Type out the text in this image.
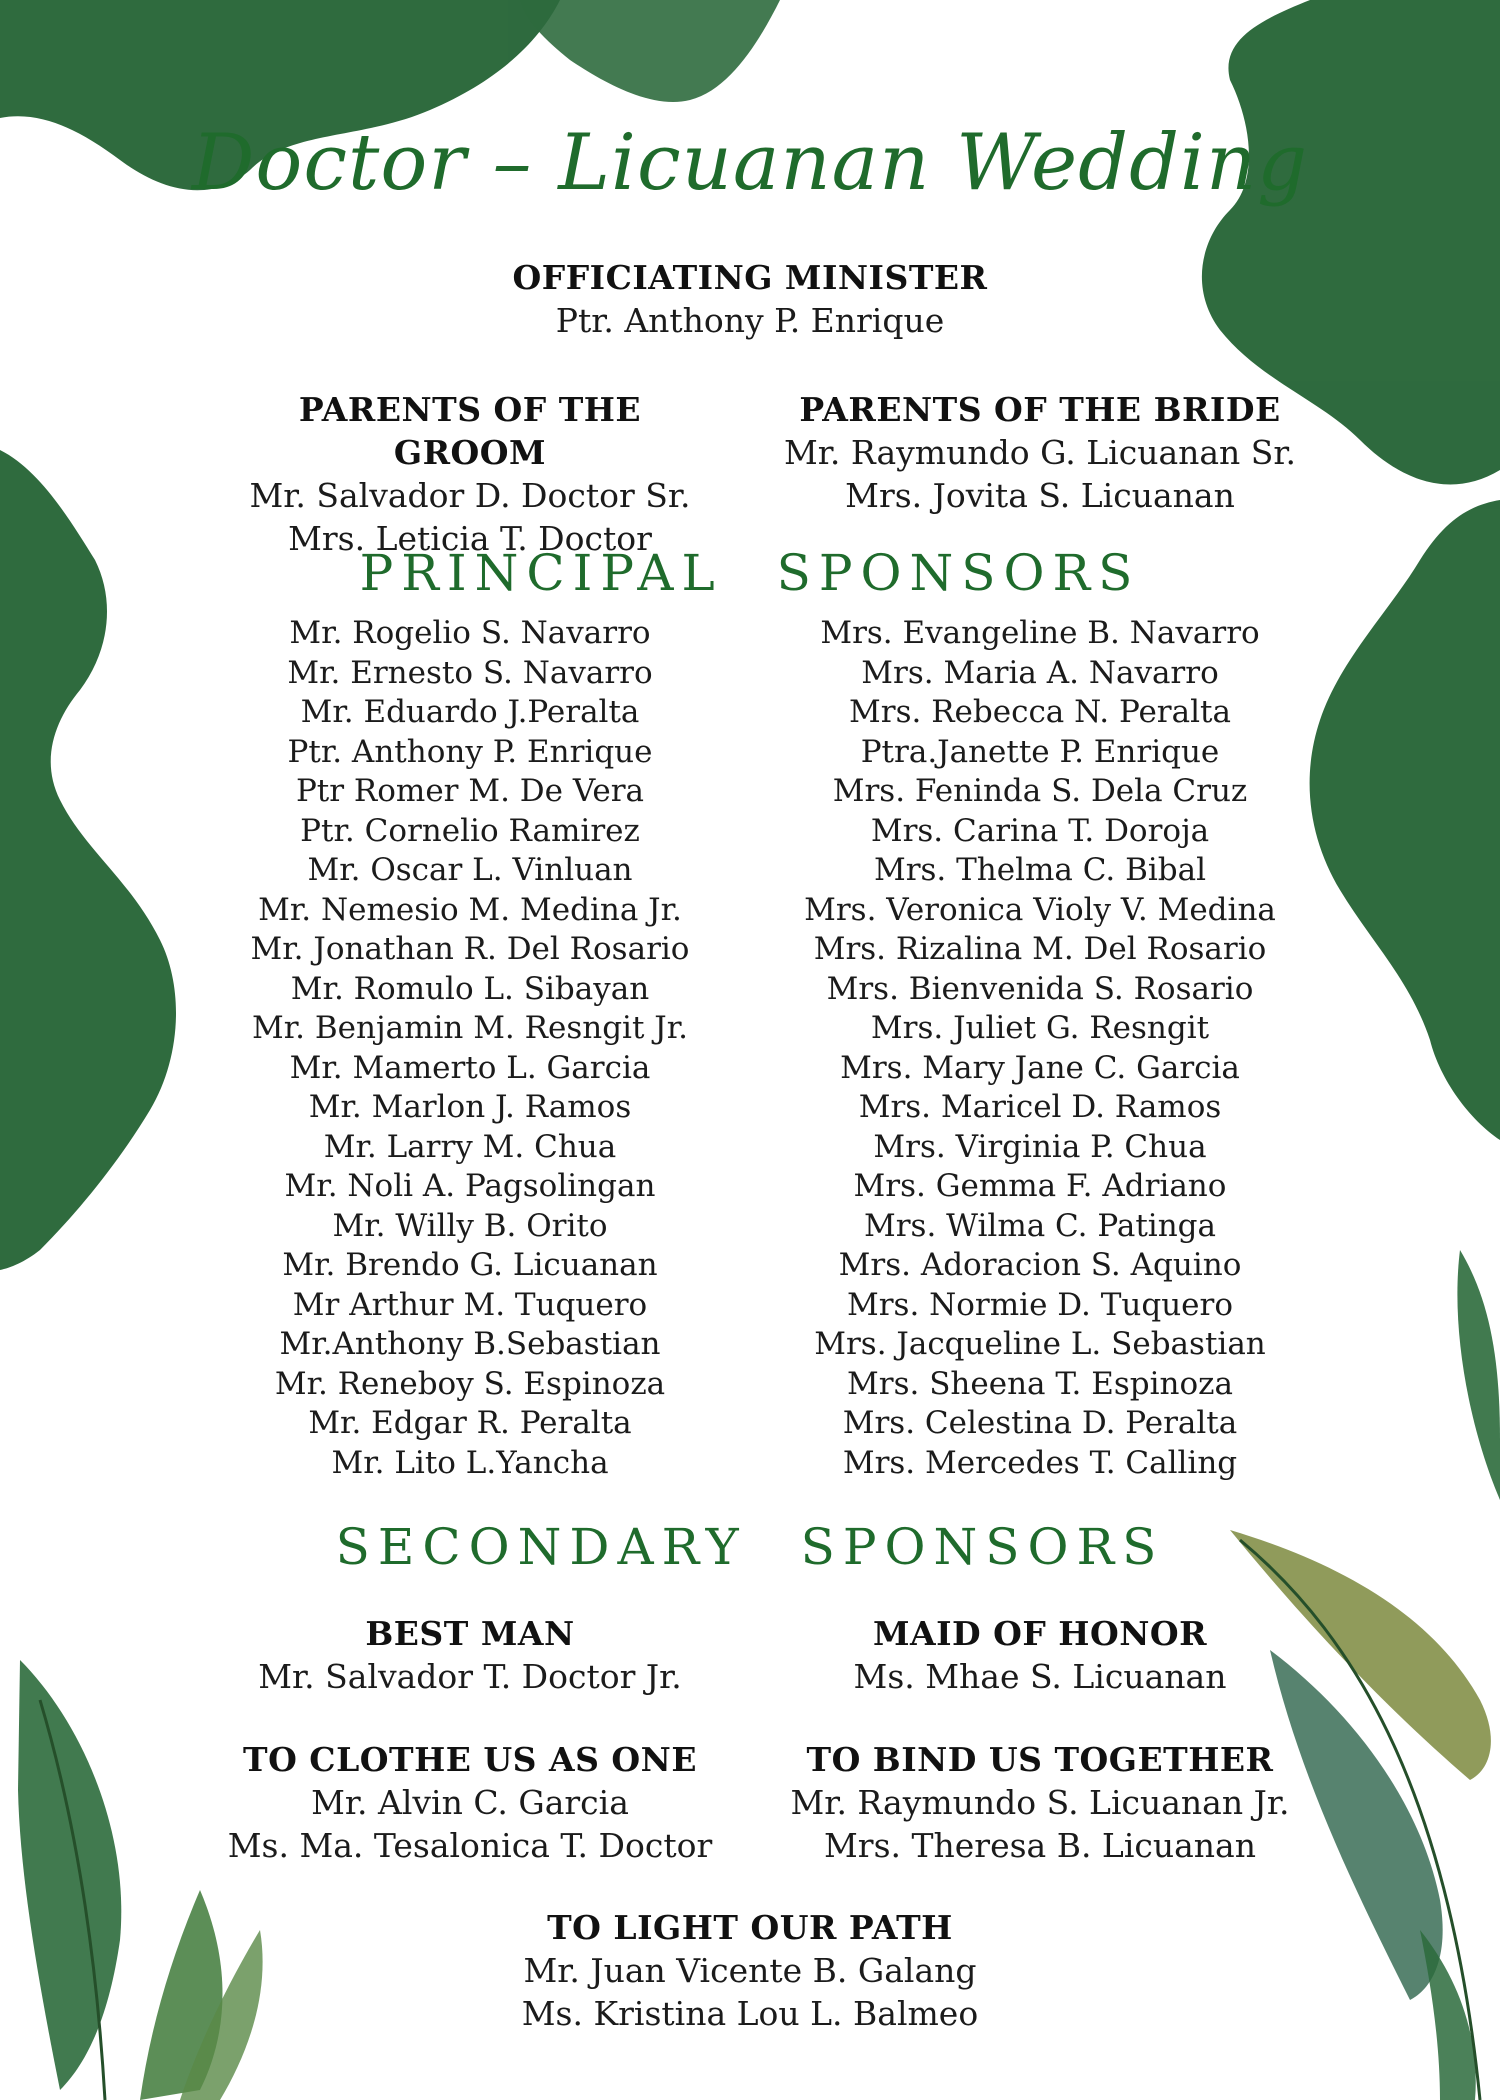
Doctor – Licuanan Wedding
OFFICIATING MINISTER
Ptr. Anthony P. Enrique
PARENTS OF THE GROOM
Mr. Salvador D. Doctor Sr.
Mrs. Leticia T. Doctor
PARENTS OF THE BRIDE
Mr. Raymundo G. Licuanan Sr.
Mrs. Jovita S. Licuanan
PRINCIPAL SPONSORS
Mr. Rogelio S. Navarro
Mr. Ernesto S. Navarro
Mr. Eduardo J.Peralta
Ptr. Anthony P. Enrique
Ptr Romer M. De Vera
Ptr. Cornelio Ramirez
Mr. Oscar L. Vinluan
Mr. Nemesio M. Medina Jr.
Mr. Jonathan R. Del Rosario
Mr. Romulo L. Sibayan
Mr. Benjamin M. Resngit Jr.
Mr. Mamerto L. Garcia
Mr. Marlon J. Ramos
Mr. Larry M. Chua
Mr. Noli A. Pagsolingan
Mr. Willy B. Orito
Mr. Brendo G. Licuanan
Mr Arthur M. Tuquero
Mr.Anthony B.Sebastian
Mr. Reneboy S. Espinoza
Mr. Edgar R. Peralta
Mr. Lito L.Yancha
Mrs. Evangeline B. Navarro
Mrs. Maria A. Navarro
Mrs. Rebecca N. Peralta
Ptra.Janette P. Enrique
Mrs. Feninda S. Dela Cruz
Mrs. Carina T. Doroja
Mrs. Thelma C. Bibal
Mrs. Veronica Violy V. Medina
Mrs. Rizalina M. Del Rosario
Mrs. Bienvenida S. Rosario
Mrs. Juliet G. Resngit
Mrs. Mary Jane C. Garcia
Mrs. Maricel D. Ramos
Mrs. Virginia P. Chua
Mrs. Gemma F. Adriano
Mrs. Wilma C. Patinga
Mrs. Adoracion S. Aquino
Mrs. Normie D. Tuquero
Mrs. Jacqueline L. Sebastian
Mrs. Sheena T. Espinoza
Mrs. Celestina D. Peralta
Mrs. Mercedes T. Calling
SECONDARY SPONSORS
BEST MAN
Mr. Salvador T. Doctor Jr.
MAID OF HONOR
Ms. Mhae S. Licuanan
TO CLOTHE US AS ONE
Mr. Alvin C. Garcia
Ms. Ma. Tesalonica T. Doctor
TO BIND US TOGETHER
Mr. Raymundo S. Licuanan Jr.
Mrs. Theresa B. Licuanan
TO LIGHT OUR PATH
Mr. Juan Vicente B. Galang
Ms. Kristina Lou L. Balmeo
